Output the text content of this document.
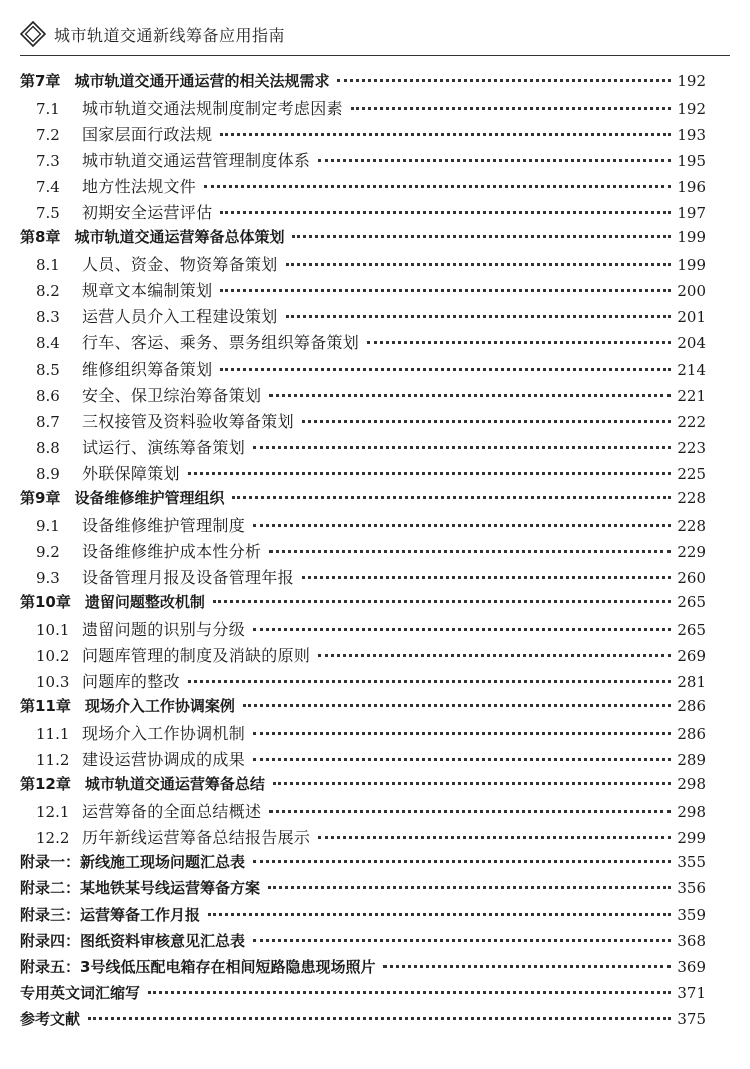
城市轨道交通新线筹备应用指南
第7章 城市轨道交通开通运营的相关法规需求	192
7.1	城市轨道交通法规制度制定考虑因素	192
7.2	国家层面行政法规	193
7.3	城市轨道交通运营管理制度体系	195
7.4	地方性法规文件	196
7.5	初期安全运营评估	197
第8章 城市轨道交通运营筹备总体策划	199
8.1	人员、资金、物资筹备策划	199
8.2	规章文本编制策划	200
8.3	运营人员介入工程建设策划	201
8.4	行车、客运、乘务、票务组织筹备策划	204
8.5	维修组织筹备策划	214
8.6	安全、保卫综治筹备策划	221
8.7	三权接管及资料验收筹备策划	222
8.8	试运行、演练筹备策划	223
8.9	外联保障策划	225
第9章 设备维修维护管理组织	228
9.1	设备维修维护管理制度	228
9.2	设备维修维护成本性分析	229
9.3	设备管理月报及设备管理年报	260
第10章 遗留问题整改机制	265
10.1 遗留问题的识别与分级	265
10.2 问题库管理的制度及消缺的原则	269
10.3 问题库的整改	281
第11章 现场介入工作协调案例	286
11.1 现场介入工作协调机制	286
11.2 建设运营协调成的成果	289
第12章 城市轨道交通运营筹备总结	298
12.1 运营筹备的全面总结概述	298
12.2 历年新线运营筹备总结报告展示	299
附录一：新线施工现场问题汇总表	355
附录二：某地铁某号线运营筹备方案	356
附录三：运营筹备工作月报	359
附录四：图纸资料审核意见汇总表	368
附录五：3号线低压配电箱存在相间短路隐患现场照片	369
专用英文词汇缩写	371
参考文献	375
